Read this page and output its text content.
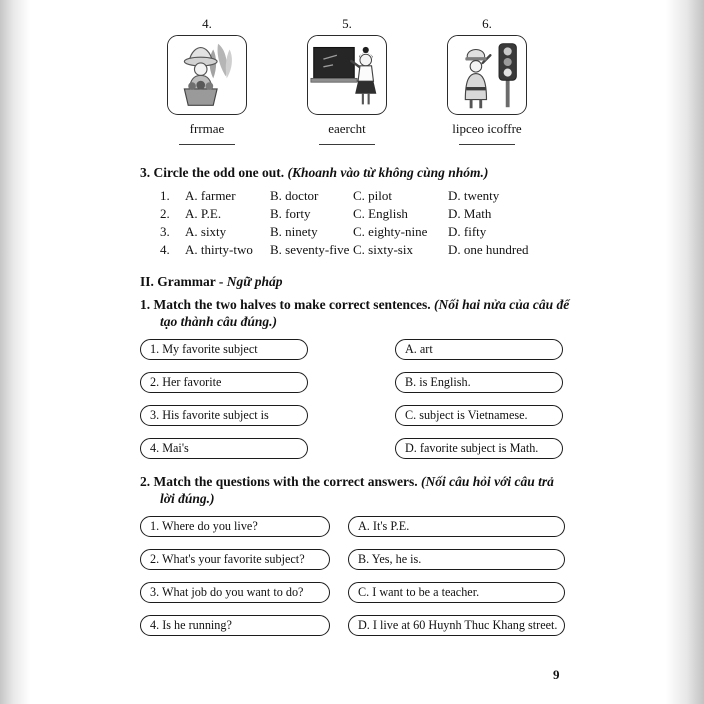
4.
frrmae
5.
eaercht
6.
lipceo icoffre

3. Circle the odd one out. (Khoanh vào từ không cùng nhóm.)

1.	A. farmer	B. doctor	C. pilot	D. twenty
2.	A. P.E.	B. forty	C. English	D. Math
3.	A. sixty	B. ninety	C. eighty-nine	D. fifty
4.	A. thirty-two	B. seventy-five C. sixty-six	D. one hundred

II. Grammar - Ngữ pháp

1. Match the two halves to make correct sentences. (Nối hai nửa của câu để tạo thành câu đúng.)

1. My favorite subject	A. art
2. Her favorite	B. is English.
3. His favorite subject is	C. subject is Vietnamese.
4. Mai's	D. favorite subject is Math.

2. Match the questions with the correct answers. (Nối câu hỏi với câu trả lời đúng.)

1. Where do you live?	A. It's P.E.
2. What's your favorite subject?	B. Yes, he is.
3. What job do you want to do?	C. I want to be a teacher.
4. Is he running?	D. I live at 60 Huynh Thuc Khang street.
9
